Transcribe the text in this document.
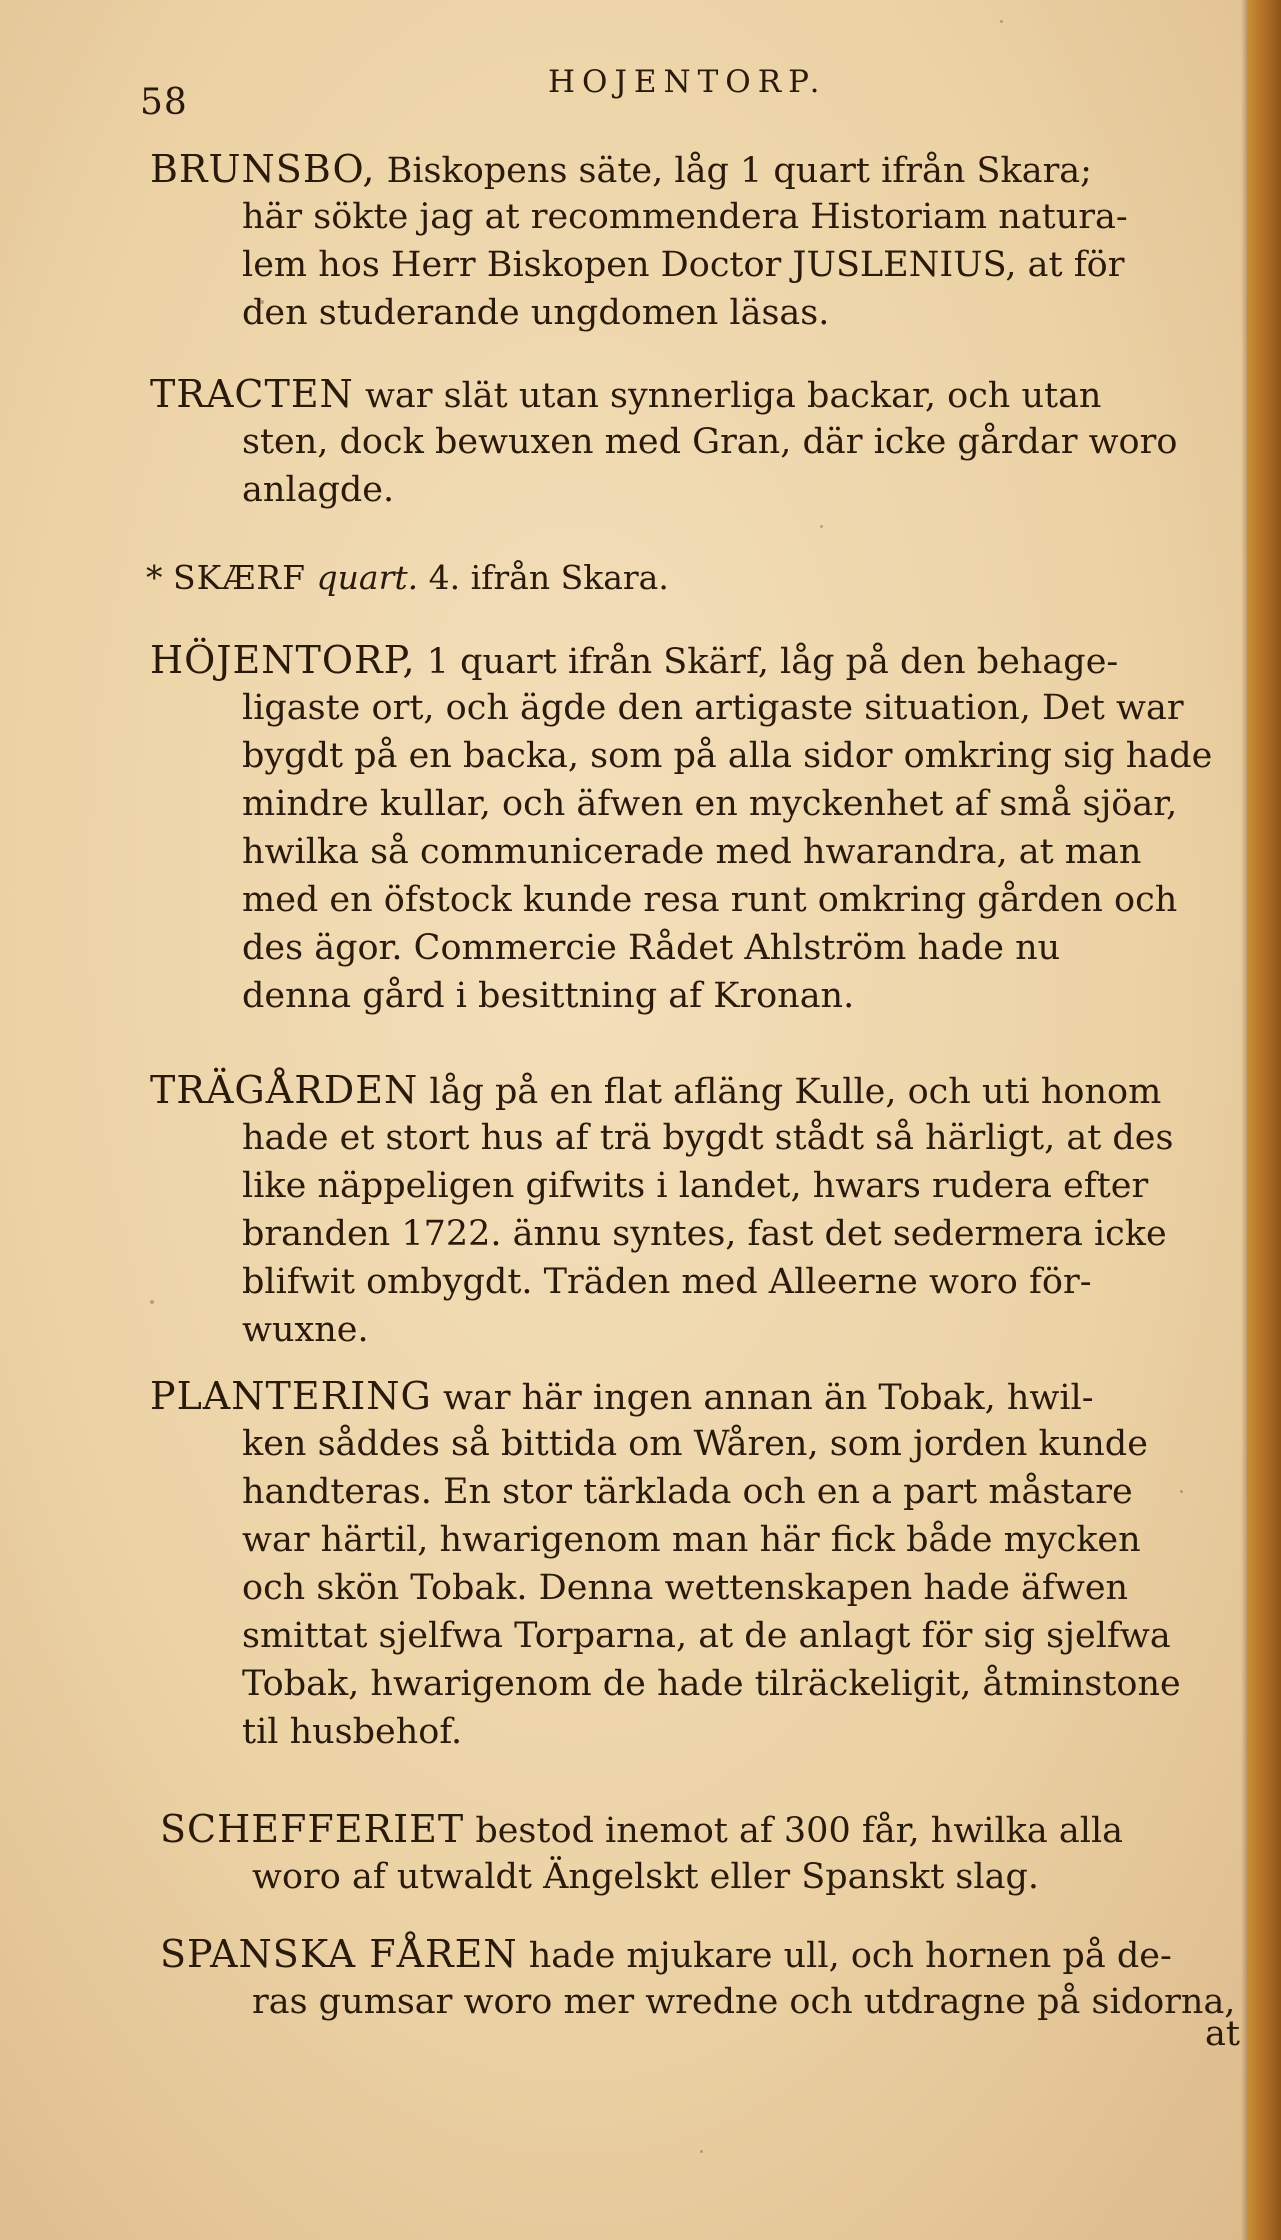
58	HOJENTORP.
BRUNSBO, Biskopens säte, låg 1 quart ifrån Skara;
här sökte jag at recommendera Historiam natura-
lem hos Herr Biskopen Doctor JUSLENIUS, at för
den studerande ungdomen läsas.
TRACTEN war slät utan synnerliga backar, och utan
sten, dock bewuxen med Gran, där icke gårdar woro
anlagde.
* SKÆRF quart. 4. ifrån Skara.
HÖJENTORP, 1 quart ifrån Skärf, låg på den behage-
ligaste ort, och ägde den artigaste situation, Det war
bygdt på en backa, som på alla sidor omkring sig hade
mindre kullar, och äfwen en myckenhet af små sjöar,
hwilka så communicerade med hwarandra, at man
med en öfstock kunde resa runt omkring gården och
des ägor. Commercie Rådet Ahlström hade nu
denna gård i besittning af Kronan.
TRÄGÅRDEN låg på en flat afläng Kulle, och uti honom
hade et stort hus af trä bygdt stådt så härligt, at des
like näppeligen gifwits i landet, hwars rudera efter
branden 1722. ännu syntes, fast det sedermera icke
blifwit ombygdt. Träden med Alleerne woro för-
wuxne.
PLANTERING war här ingen annan än Tobak, hwil-
ken såddes så bittida om Wåren, som jorden kunde
handteras. En stor tärklada och en a part måstare
war härtil, hwarigenom man här fick både mycken
och skön Tobak. Denna wettenskapen hade äfwen
smittat sjelfwa Torparna, at de anlagt för sig sjelfwa
Tobak, hwarigenom de hade tilräckeligit, åtminstone
til husbehof.
SCHEFFERIET bestod inemot af 300 får, hwilka alla
woro af utwaldt Ängelskt eller Spanskt slag.
SPANSKA FÅREN hade mjukare ull, och hornen på de-
ras gumsar woro mer wredne och utdragne på sidorna,
at
